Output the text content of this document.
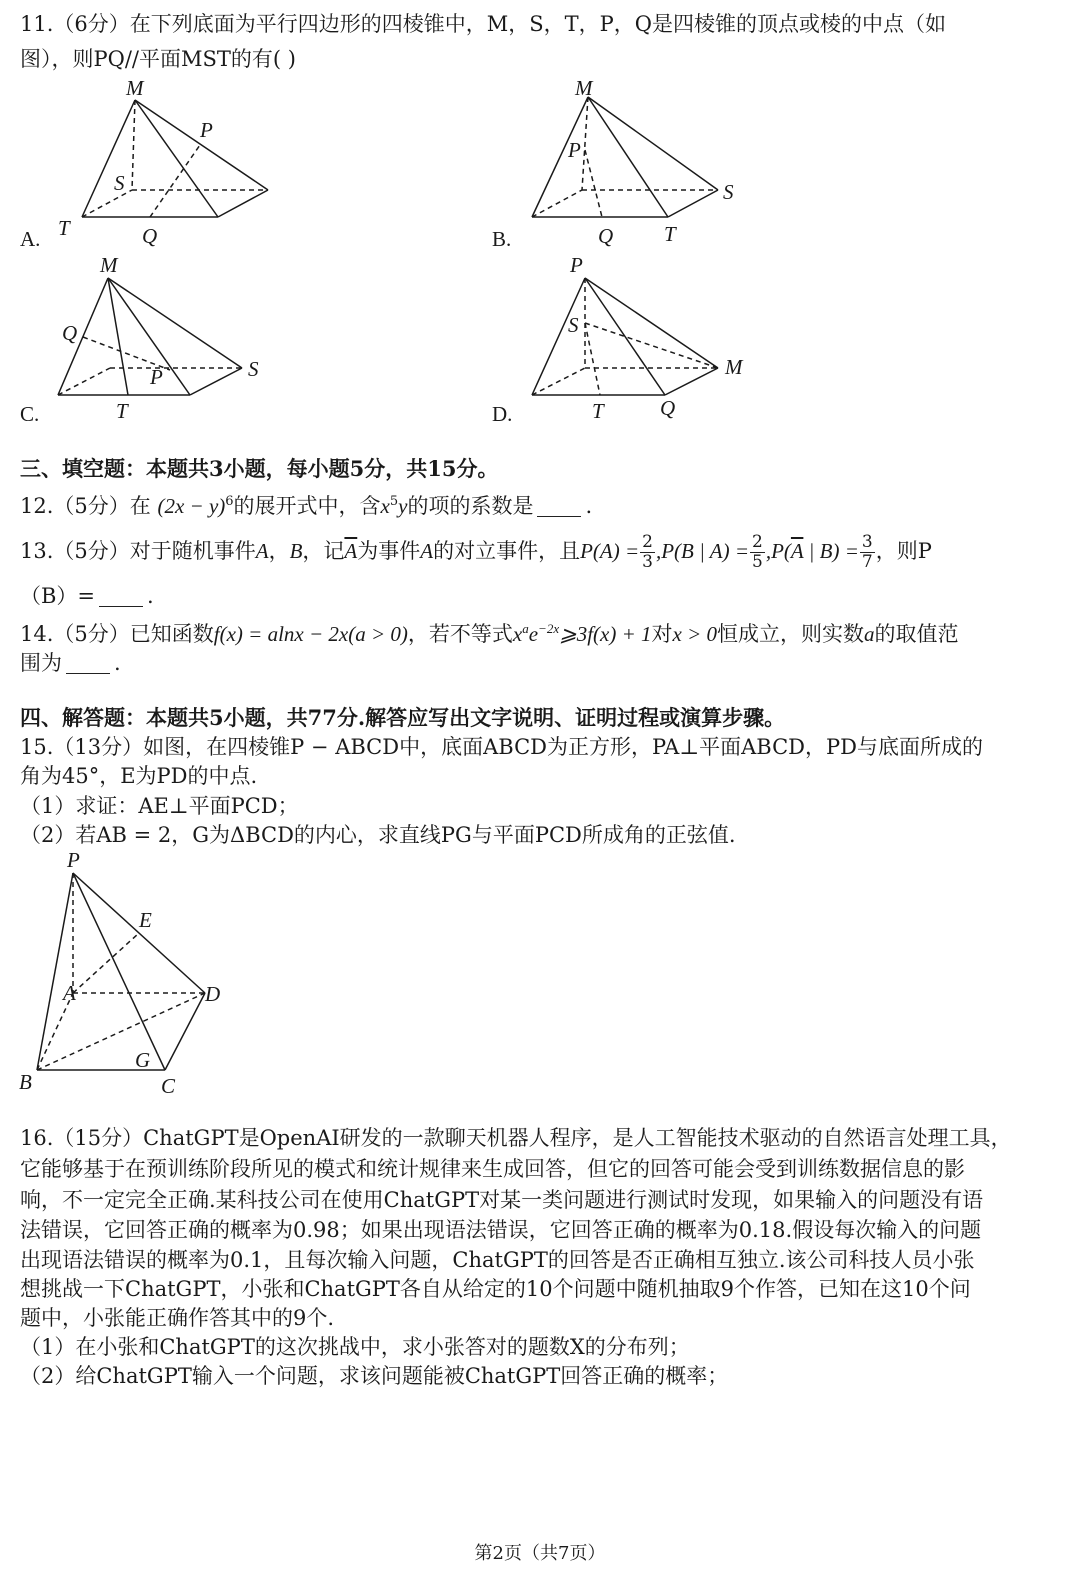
11.（6分）在下列底面为平行四边形的四棱锥中，M，S，T，P，Q是四棱锥的顶点或棱的中点（如
图），则PQ//平面MST的有( )
M
P
S
T	Q
A.
M
P
S
Q T
B.
M
Q
P	S
T
C.
P
S
M
T	Q
D.
三、填空题：本题共3小题，每小题5分，共15分。
12.（5分）在 $(2x - y)^6$的展开式中，含$x^5y$的项的系数是 .
13.（5分）对于随机事件A，B，记$\overline{A}$为事件A的对立事件，且$P(A) = \frac{2}{3} ,P(B$ | $A) = \frac{2}{5} ,P(\overline{A}$ | $B) = \frac{3}{7}$ ，则P
（B）= .
14.（5分）已知函数f(x) = alnx − 2x(a > 0)，若不等式$x^ae^{-2x}⩾3f(x) + 1$对x > 0恒成立，则实数a的取值范
围为 .
四、解答题：本题共5小题，共77分.解答应写出文字说明、证明过程或演算步骤。
15.（13分）如图，在四棱锥P − ABCD中，底面ABCD为正方形，PA⊥平面ABCD，PD与底面所成的
角为45°，E为PD的中点.
（1）求证：AE⊥平面PCD；
（2）若AB = 2，G为ΔBCD的内心，求直线PG与平面PCD所成角的正弦值.
P
E
A	D
G
B	C
16.（15分）ChatGPT是OpenAI研发的一款聊天机器人程序，是人工智能技术驱动的自然语言处理工具，
它能够基于在预训练阶段所见的模式和统计规律来生成回答，但它的回答可能会受到训练数据信息的影
响，不一定完全正确.某科技公司在使用ChatGPT对某一类问题进行测试时发现，如果输入的问题没有语
法错误，它回答正确的概率为0.98；如果出现语法错误，它回答正确的概率为0.18.假设每次输入的问题
出现语法错误的概率为0.1，且每次输入问题，ChatGPT的回答是否正确相互独立.该公司科技人员小张
想挑战一下ChatGPT，小张和ChatGPT各自从给定的10个问题中随机抽取9个作答，已知在这10个问
题中，小张能正确作答其中的9个.
（1）在小张和ChatGPT的这次挑战中，求小张答对的题数X的分布列；
（2）给ChatGPT输入一个问题，求该问题能被ChatGPT回答正确的概率；
第2页（共7页）
